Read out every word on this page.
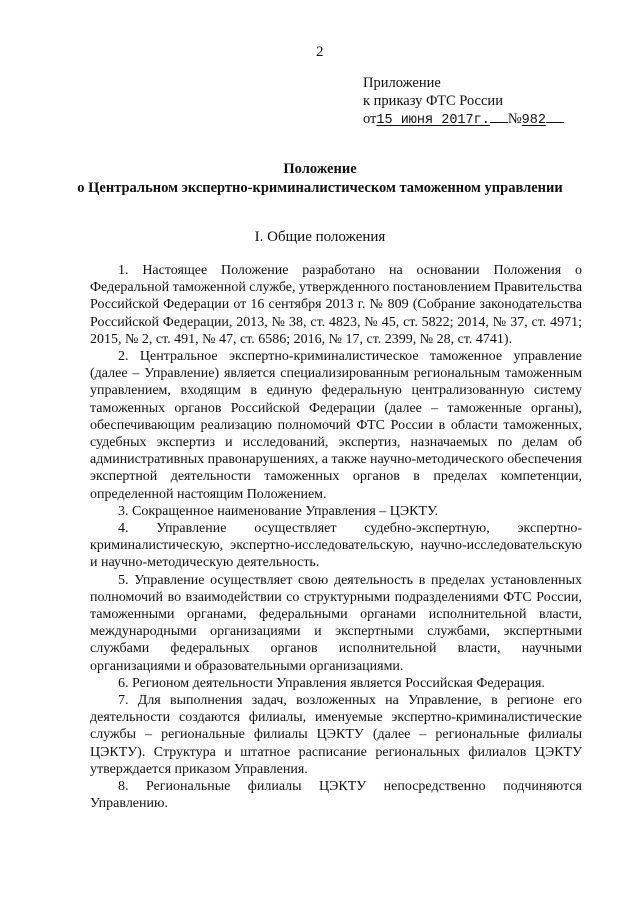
2
Приложение
к приказу ФТС России
от15 июня 2017г. №982
Положение
о Центральном экспертно-криминалистическом таможенном управлении
I. Общие положения

1. Настоящее Положение разработано на основании Положения о
Федеральной таможенной службе, утвержденного постановлением Правительства
Российской Федерации от 16 сентября 2013 г. № 809 (Собрание законодательства
Российской Федерации, 2013, № 38, ст. 4823, № 45, ст. 5822; 2014, № 37, ст. 4971;
2015, № 2, ст. 491, № 47, ст. 6586; 2016, № 17, ст. 2399, № 28, ст. 4741).

2. Центральное экспертно-криминалистическое таможенное управление
(далее – Управление) является специализированным региональным таможенным
управлением, входящим в единую федеральную централизованную систему
таможенных органов Российской Федерации (далее – таможенные органы),
обеспечивающим реализацию полномочий ФТС России в области таможенных,
судебных экспертиз и исследований, экспертиз, назначаемых по делам об
административных правонарушениях, а также научно-методического обеспечения
экспертной деятельности таможенных органов в пределах компетенции,
определенной настоящим Положением.

3. Сокращенное наименование Управления – ЦЭКТУ.

4. Управление осуществляет судебно-экспертную, экспертно-
криминалистическую, экспертно-исследовательскую, научно-исследовательскую
и научно-методическую деятельность.

5. Управление осуществляет свою деятельность в пределах установленных
полномочий во взаимодействии со структурными подразделениями ФТС России,
таможенными органами, федеральными органами исполнительной власти,
международными организациями и экспертными службами, экспертными
службами федеральных органов исполнительной власти, научными
организациями и образовательными организациями.

6. Регионом деятельности Управления является Российская Федерация.

7. Для выполнения задач, возложенных на Управление, в регионе его
деятельности создаются филиалы, именуемые экспертно-криминалистические
службы – региональные филиалы ЦЭКТУ (далее – региональные филиалы
ЦЭКТУ). Структура и штатное расписание региональных филиалов ЦЭКТУ
утверждается приказом Управления.

8. Региональные филиалы ЦЭКТУ непосредственно подчиняются
Управлению.
